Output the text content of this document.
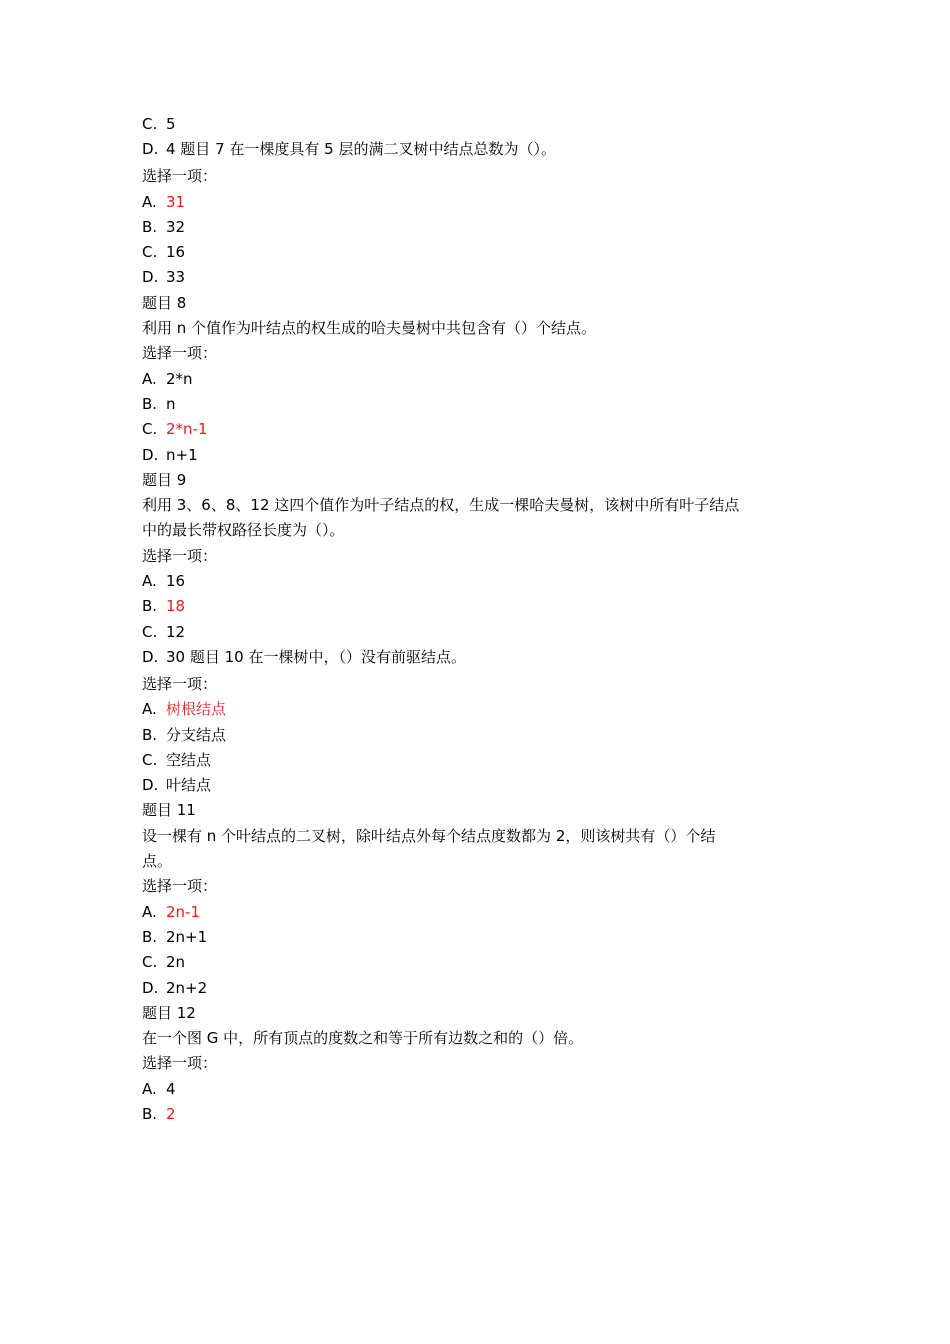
C. 5
D. 4 题目 7 在一棵度具有 5 层的满二叉树中结点总数为（）。
选择一项：
A. 31
B. 32
C. 16
D. 33
题目 8
利用 n 个值作为叶结点的权生成的哈夫曼树中共包含有（）个结点。
选择一项：
A. 2*n
B. n
C. 2*n-1
D. n+1
题目 9
利用 3、6、8、12 这四个值作为叶子结点的权，生成一棵哈夫曼树，该树中所有叶子结点
中的最长带权路径长度为（）。
选择一项：
A. 16
B. 18
C. 12
D. 30 题目 10 在一棵树中，（）没有前驱结点。
选择一项：
A. 树根结点
B. 分支结点
C. 空结点
D. 叶结点
题目 11
设一棵有 n 个叶结点的二叉树，除叶结点外每个结点度数都为 2，则该树共有（）个结
点。
选择一项：
A. 2n-1
B. 2n+1
C. 2n
D. 2n+2
题目 12
在一个图 G 中，所有顶点的度数之和等于所有边数之和的（）倍。
选择一项：
A. 4
B. 2
